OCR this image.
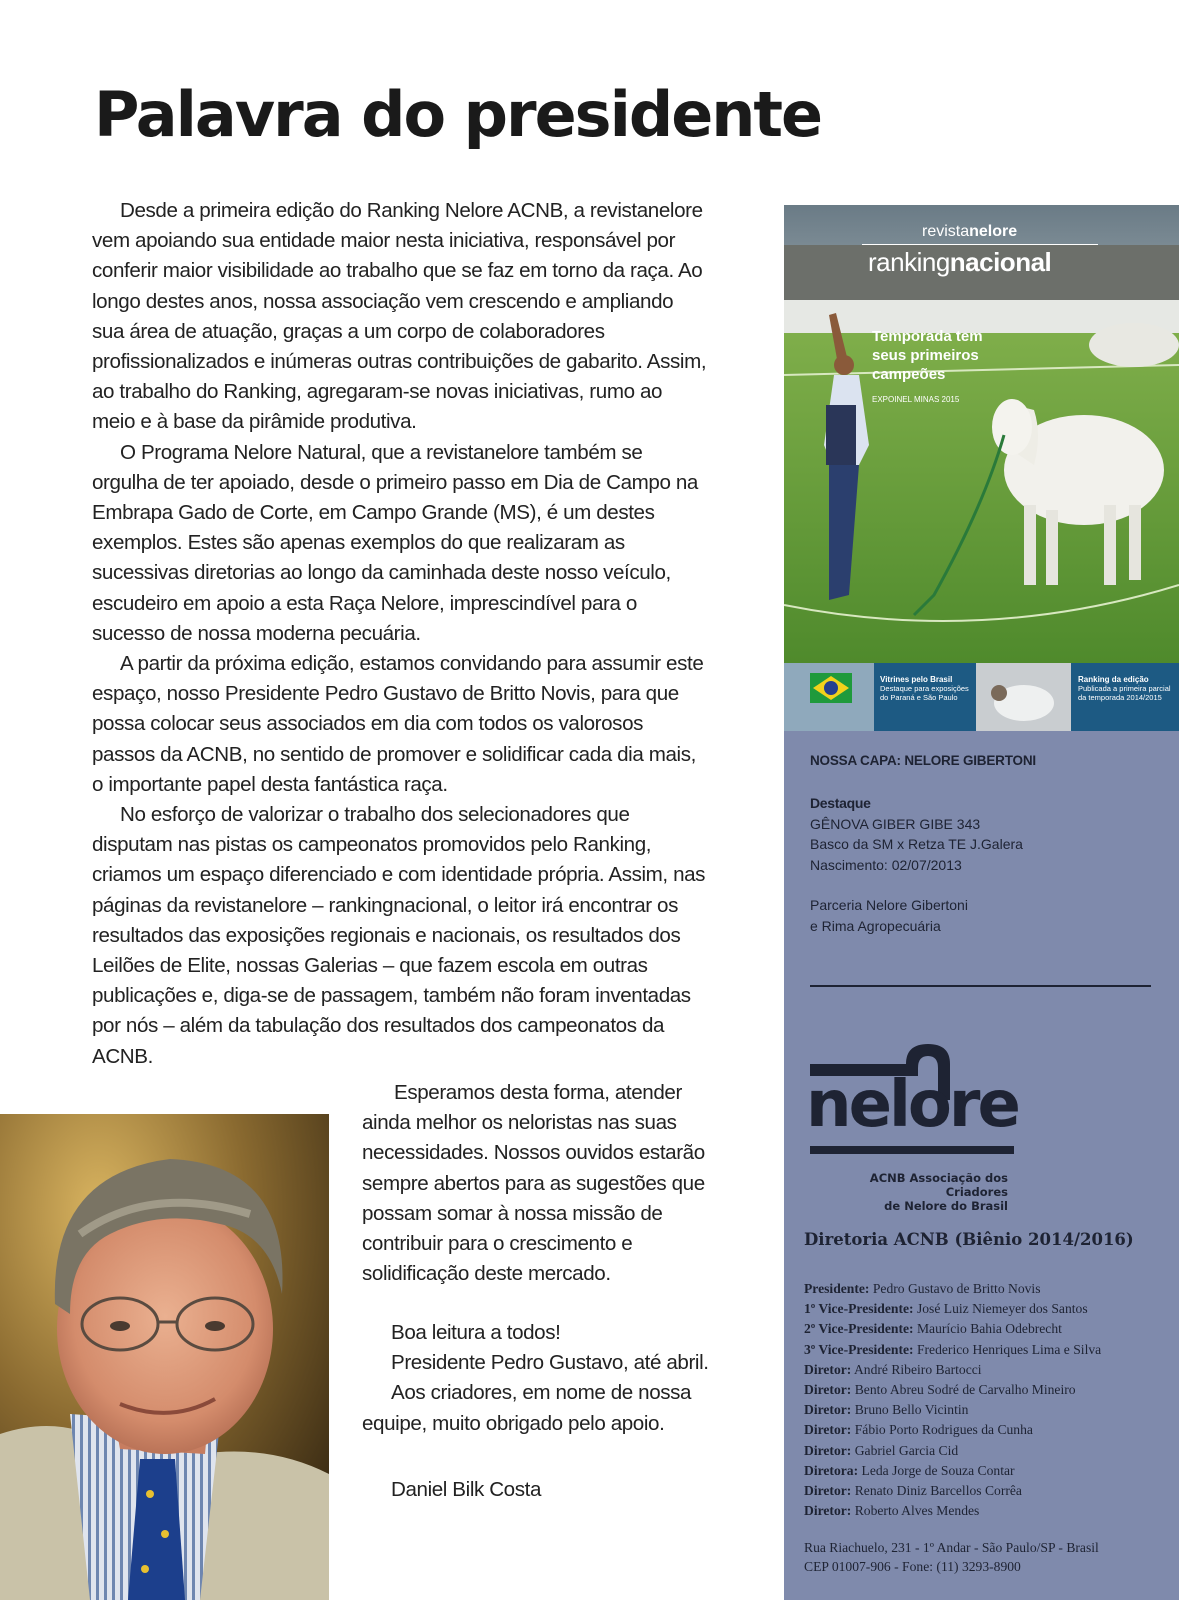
Palavra do presidente

Desde a primeira edição do Ranking Nelore ACNB, a revistanelore vem apoiando sua entidade maior nesta iniciativa, responsável por conferir maior visibilidade ao trabalho que se faz em torno da raça. Ao longo destes anos, nossa associação vem crescendo e ampliando sua área de atuação, graças a um corpo de colaboradores profissionalizados e inúmeras outras contribuições de gabarito. Assim, ao trabalho do Ranking, agregaram-se novas iniciativas, rumo ao meio e à base da pirâmide produtiva.

O Programa Nelore Natural, que a revistanelore também se orgulha de ter apoiado, desde o primeiro passo em Dia de Campo na Embrapa Gado de Corte, em Campo Grande (MS), é um destes exemplos. Estes são apenas exemplos do que realizaram as sucessivas diretorias ao longo da caminhada deste nosso veículo, escudeiro em apoio a esta Raça Nelore, imprescindível para o sucesso de nossa moderna pecuária.

A partir da próxima edição, estamos convidando para assumir este espaço, nosso Presidente Pedro Gustavo de Britto Novis, para que possa colocar seus associados em dia com todos os valorosos passos da ACNB, no sentido de promover e solidificar cada dia mais, o importante papel desta fantástica raça.

No esforço de valorizar o trabalho dos selecionadores que disputam nas pistas os campeonatos promovidos pelo Ranking, criamos um espaço diferenciado e com identidade própria. Assim, nas páginas da revistanelore – rankingnacional, o leitor irá encontrar os resultados das exposições regionais e nacionais, os resultados dos Leilões de Elite, nossas Galerias – que fazem escola em outras publicações e, diga-se de passagem, também não foram inventadas por nós – além da tabulação dos resultados dos campeonatos da ACNB.

Esperamos desta forma, atender ainda melhor os neloristas nas suas necessidades. Nossos ouvidos estarão sempre abertos para as sugestões que possam somar à nossa missão de contribuir para o crescimento e solidificação deste mercado.

Boa leitura a todos!
Presidente Pedro Gustavo, até abril.
Aos criadores, em nome de nossa
equipe, muito obrigado pelo apoio.
Daniel Bilk Costa
revistanelore
rankingnacional
Temporada tem
seus primeiros
campeões
EXPOINEL MINAS 2015
Vitrines pelo Brasil
Destaque para exposições do Paraná e São Paulo
Ranking da edição
Publicada a primeira parcial da temporada 2014/2015
NOSSA CAPA: NELORE GIBERTONI
Destaque
GÊNOVA GIBER GIBE 343
Basco da SM x Retza TE J.Galera
Nascimento: 02/07/2013
Parceria Nelore Gibertoni
e Rima Agropecuária
nelore
ACNB Associação dos Criadores
de Nelore do Brasil
Diretoria ACNB (Biênio 2014/2016)
Presidente: Pedro Gustavo de Britto Novis
1º Vice-Presidente: José Luiz Niemeyer dos Santos
2º Vice-Presidente: Maurício Bahia Odebrecht
3º Vice-Presidente: Frederico Henriques Lima e Silva
Diretor: André Ribeiro Bartocci
Diretor: Bento Abreu Sodré de Carvalho Mineiro
Diretor: Bruno Bello Vicintin
Diretor: Fábio Porto Rodrigues da Cunha
Diretor: Gabriel Garcia Cid
Diretora: Leda Jorge de Souza Contar
Diretor: Renato Diniz Barcellos Corrêa
Diretor: Roberto Alves Mendes
Rua Riachuelo, 231 - 1º Andar - São Paulo/SP - Brasil
CEP 01007-906 - Fone: (11) 3293-8900
